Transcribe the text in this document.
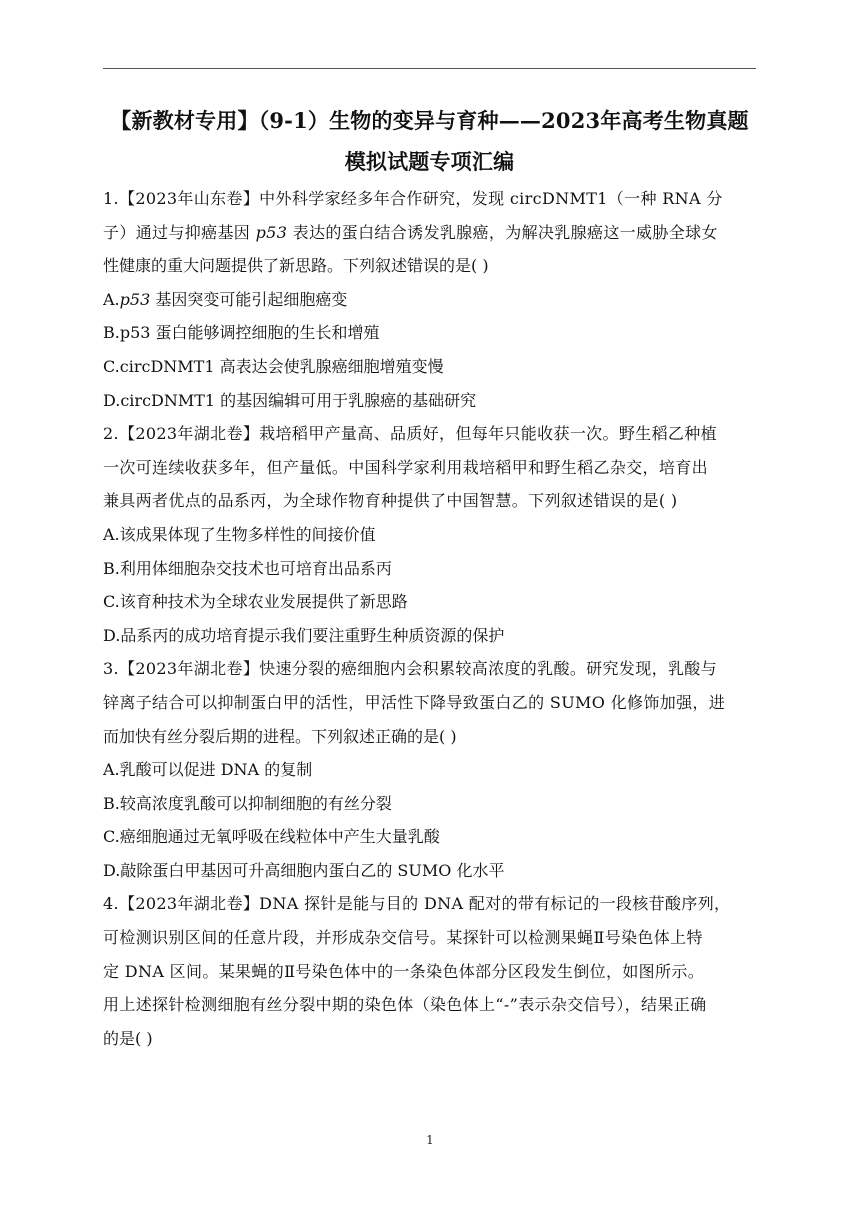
【新教材专用】（9-1）生物的变异与育种——2023年高考生物真题
模拟试题专项汇编
1.【2023年山东卷】中外科学家经多年合作研究，发现 circDNMT1（一种 RNA 分
子）通过与抑癌基因 p53 表达的蛋白结合诱发乳腺癌，为解决乳腺癌这一威胁全球女
性健康的重大问题提供了新思路。下列叙述错误的是( )
A.p53 基因突变可能引起细胞癌变
B.p53 蛋白能够调控细胞的生长和增殖
C.circDNMT1 高表达会使乳腺癌细胞增殖变慢
D.circDNMT1 的基因编辑可用于乳腺癌的基础研究
2.【2023年湖北卷】栽培稻甲产量高、品质好，但每年只能收获一次。野生稻乙种植
一次可连续收获多年，但产量低。中国科学家利用栽培稻甲和野生稻乙杂交，培育出
兼具两者优点的品系丙，为全球作物育种提供了中国智慧。下列叙述错误的是( )
A.该成果体现了生物多样性的间接价值
B.利用体细胞杂交技术也可培育出品系丙
C.该育种技术为全球农业发展提供了新思路
D.品系丙的成功培育提示我们要注重野生种质资源的保护
3.【2023年湖北卷】快速分裂的癌细胞内会积累较高浓度的乳酸。研究发现，乳酸与
锌离子结合可以抑制蛋白甲的活性，甲活性下降导致蛋白乙的 SUMO 化修饰加强，进
而加快有丝分裂后期的进程。下列叙述正确的是( )
A.乳酸可以促进 DNA 的复制
B.较高浓度乳酸可以抑制细胞的有丝分裂
C.癌细胞通过无氧呼吸在线粒体中产生大量乳酸
D.敲除蛋白甲基因可升高细胞内蛋白乙的 SUMO 化水平
4.【2023年湖北卷】DNA 探针是能与目的 DNA 配对的带有标记的一段核苷酸序列，
可检测识别区间的任意片段，并形成杂交信号。某探针可以检测果蝇Ⅱ号染色体上特
定 DNA 区间。某果蝇的Ⅱ号染色体中的一条染色体部分区段发生倒位，如图所示。
用上述探针检测细胞有丝分裂中期的染色体（染色体上“-”表示杂交信号），结果正确
的是( )
1
